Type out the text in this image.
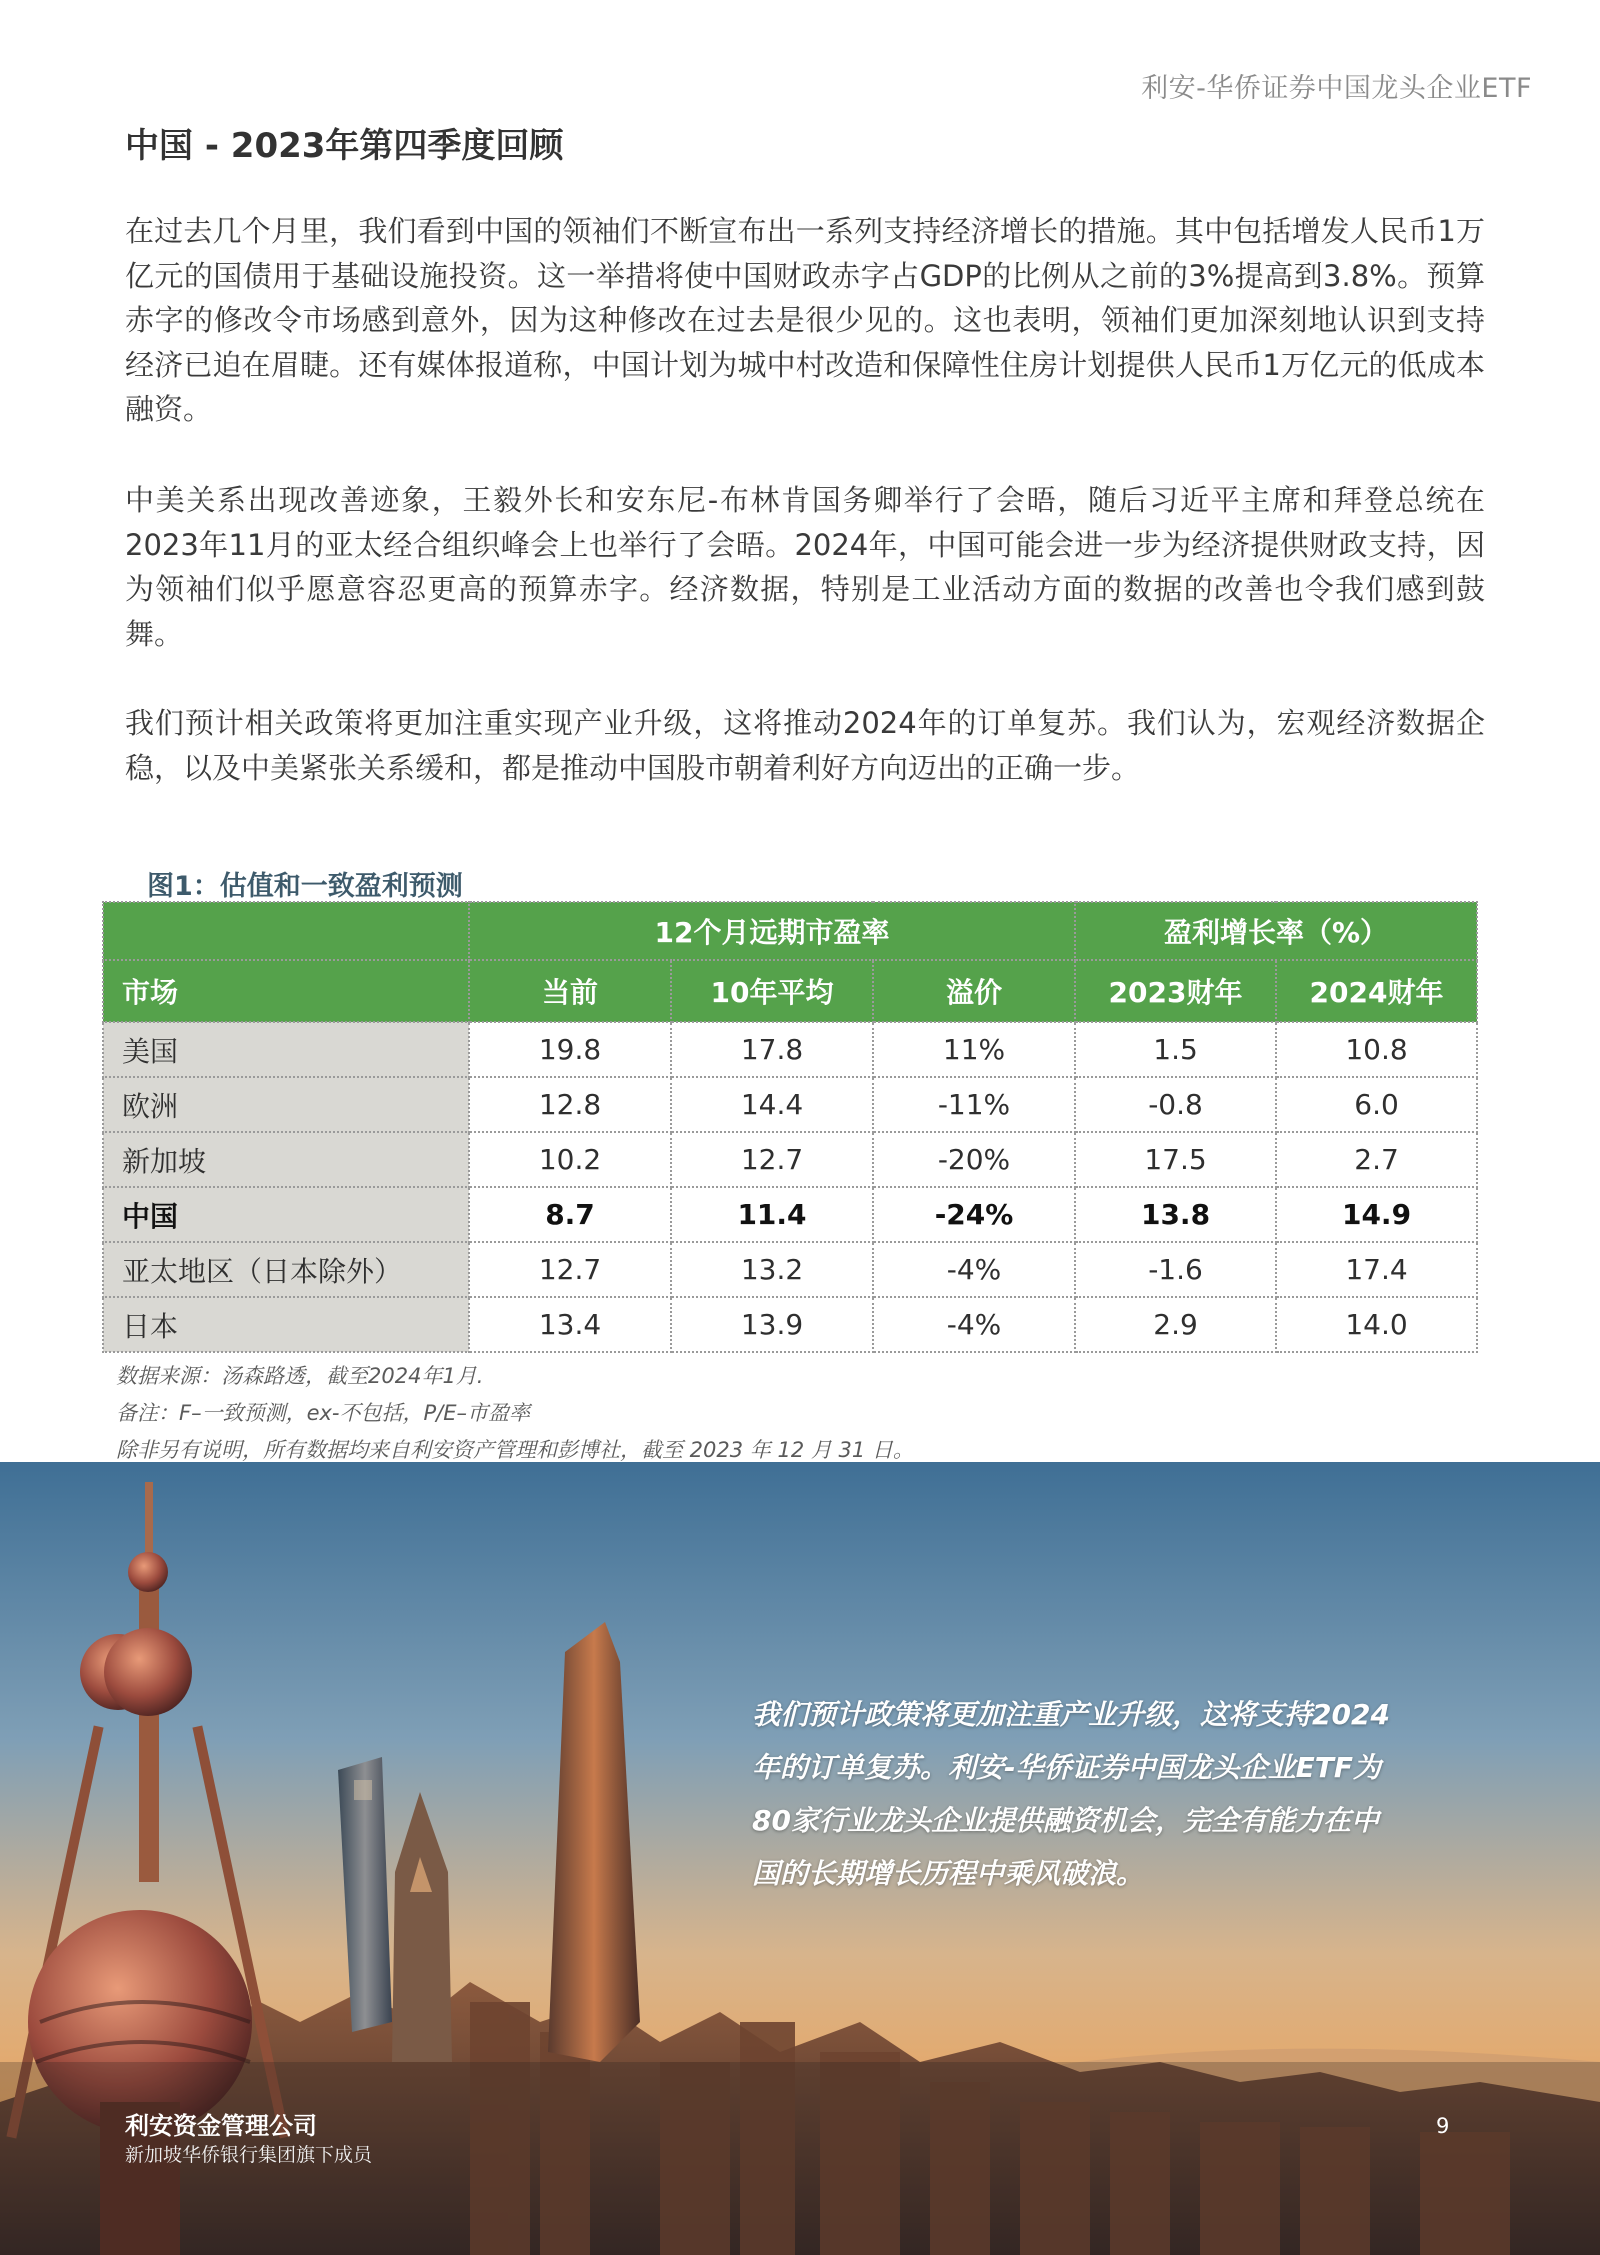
利安-华侨证券中国龙头企业ETF
中国 - 2023年第四季度回顾

在过去几个月里，我们看到中国的领袖们不断宣布出一系列支持经济增长的措施。其中包括增发人民币1万亿元的国债用于基础设施投资。这一举措将使中国财政赤字占GDP的比例从之前的3%提高到3.8%。预算赤字的修改令市场感到意外，因为这种修改在过去是很少见的。这也表明，领袖们更加深刻地认识到支持经济已迫在眉睫。还有媒体报道称，中国计划为城中村改造和保障性住房计划提供人民币1万亿元的低成本融资。

中美关系出现改善迹象，王毅外长和安东尼-布林肯国务卿举行了会晤，随后习近平主席和拜登总统在2023年11月的亚太经合组织峰会上也举行了会晤。2024年，中国可能会进一步为经济提供财政支持，因为领袖们似乎愿意容忍更高的预算赤字。经济数据，特别是工业活动方面的数据的改善也令我们感到鼓舞。

我们预计相关政策将更加注重实现产业升级，这将推动2024年的订单复苏。我们认为，宏观经济数据企稳，以及中美紧张关系缓和，都是推动中国股市朝着利好方向迈出的正确一步。

图1：估值和一致盈利预测
	12个月远期市盈率			盈利增长率（%）	
市场	当前	10年平均	溢价	2023财年	2024财年
美国	19.8	17.8	11%	1.5	10.8
欧洲	12.8	14.4	-11%	-0.8	6.0
新加坡	10.2	12.7	-20%	17.5	2.7
中国	8.7	11.4	-24%	13.8	14.9
亚太地区（日本除外）	12.7	13.2	-4%	-1.6	17.4
日本	13.4	13.9	-4%	2.9	14.0
数据来源：汤森路透，截至2024年1月.
备注：F–一致预测，ex-不包括，P/E–市盈率
除非另有说明，所有数据均来自利安资产管理和彭博社，截至 2023 年 12 月 31 日。

我们预计政策将更加注重产业升级，这将支持2024年的订单复苏。利安-华侨证券中国龙头企业ETF为80家行业龙头企业提供融资机会，完全有能力在中国的长期增长历程中乘风破浪。

利安资金管理公司
新加坡华侨银行集团旗下成员
9
